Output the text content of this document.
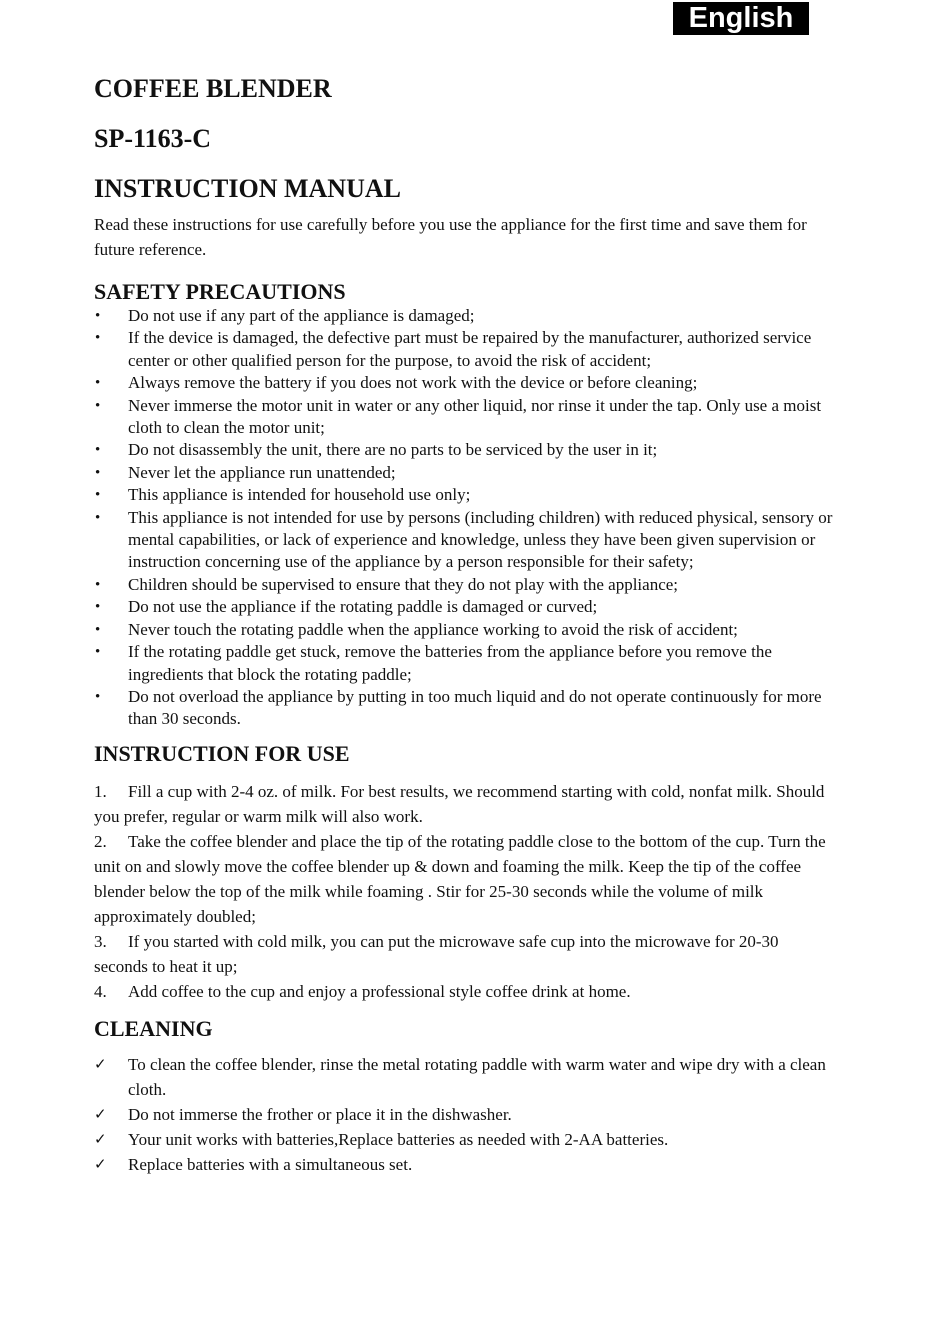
English
COFFEE BLENDER
SP-1163-C
INSTRUCTION MANUAL

Read these instructions for use carefully before you use the appliance for the first time and save them for future reference.

SAFETY PRECAUTIONS
• Do not use if any part of the appliance is damaged;
• If the device is damaged, the defective part must be repaired by the manufacturer, authorized service center or other qualified person for the purpose, to avoid the risk of accident;
• Always remove the battery if you does not work with the device or before cleaning;
• Never immerse the motor unit in water or any other liquid, nor rinse it under the tap. Only use a moist cloth to clean the motor unit;
• Do not disassembly the unit, there are no parts to be serviced by the user in it;
• Never let the appliance run unattended;
• This appliance is intended for household use only;
• This appliance is not intended for use by persons (including children) with reduced physical, sensory or mental capabilities, or lack of experience and knowledge, unless they have been given supervision or instruction concerning use of the appliance by a person responsible for their safety;
• Children should be supervised to ensure that they do not play with the appliance;
• Do not use the appliance if the rotating paddle is damaged or curved;
• Never touch the rotating paddle when the appliance working to avoid the risk of accident;
• If the rotating paddle get stuck, remove the batteries from the appliance before you remove the ingredients that block the rotating paddle;
• Do not overload the appliance by putting in too much liquid and do not operate continuously for more than 30 seconds.
INSTRUCTION FOR USE

1. Fill a cup with 2-4 oz. of milk. For best results, we recommend starting with cold, nonfat milk. Should you prefer, regular or warm milk will also work.

2. Take the coffee blender and place the tip of the rotating paddle close to the bottom of the cup. Turn the unit on and slowly move the coffee blender up & down and foaming the milk. Keep the tip of the coffee blender below the top of the milk while foaming . Stir for 25-30 seconds while the volume of milk approximately doubled;

3. If you started with cold milk, you can put the microwave safe cup into the microwave for 20-30 seconds to heat it up;

4. Add coffee to the cup and enjoy a professional style coffee drink at home.

CLEANING
✓ To clean the coffee blender, rinse the metal rotating paddle with warm water and wipe dry with a clean cloth.
✓ Do not immerse the frother or place it in the dishwasher.
✓ Your unit works with batteries,Replace batteries as needed with 2-AA batteries.
✓ Replace batteries with a simultaneous set.
